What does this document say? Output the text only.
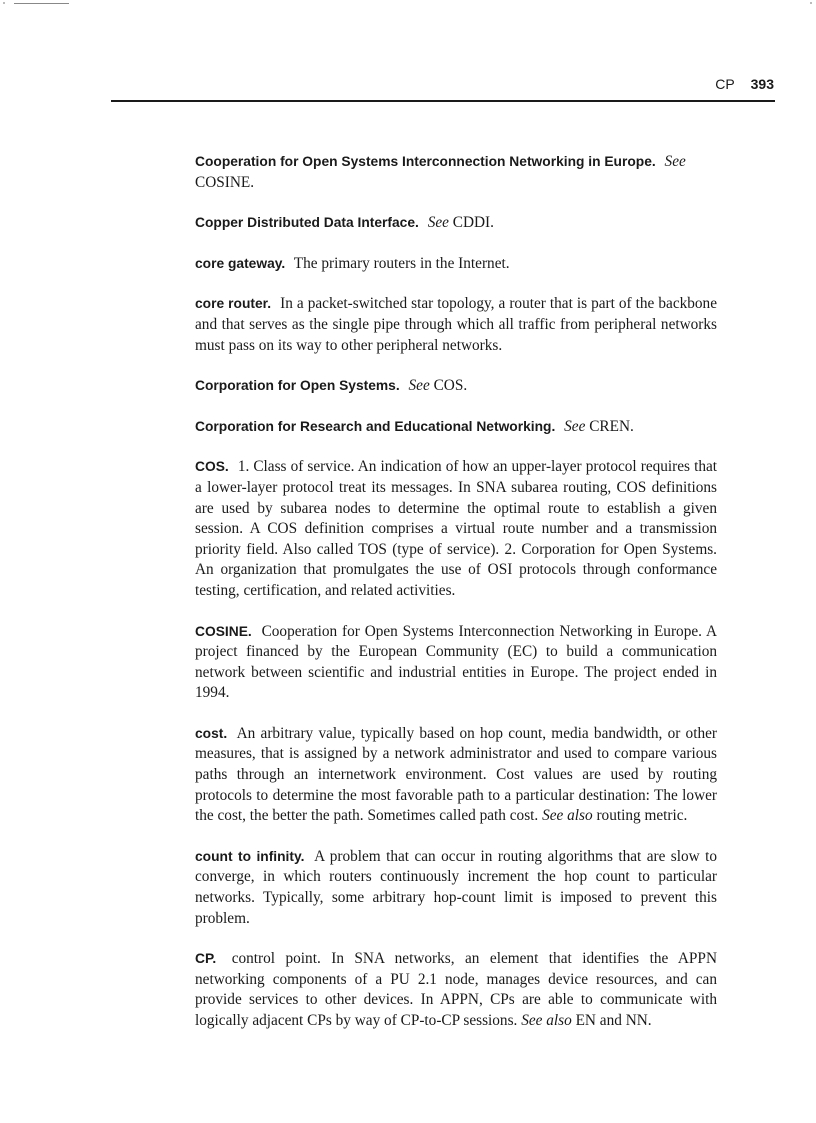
CP 393

Cooperation for Open Systems Interconnection Networking in Europe. See COSINE.

Copper Distributed Data Interface. See CDDI.

core gateway. The primary routers in the Internet.

core router. In a packet-switched star topology, a router that is part of the backbone and that serves as the single pipe through which all traffic from peripheral networks must pass on its way to other peripheral networks.

Corporation for Open Systems. See COS.

Corporation for Research and Educational Networking. See CREN.

COS. 1. Class of service. An indication of how an upper-layer protocol requires that a lower-layer protocol treat its messages. In SNA subarea routing, COS definitions are used by subarea nodes to determine the optimal route to establish a given session. A COS definition comprises a virtual route number and a transmission priority field. Also called TOS (type of service). 2. Corporation for Open Systems. An organization that promulgates the use of OSI protocols through conformance testing, certification, and related activities.

COSINE. Cooperation for Open Systems Interconnection Networking in Europe. A project financed by the European Community (EC) to build a communication network between scientific and industrial entities in Europe. The project ended in 1994.

cost. An arbitrary value, typically based on hop count, media bandwidth, or other measures, that is assigned by a network administrator and used to compare various paths through an internetwork environment. Cost values are used by routing protocols to determine the most favorable path to a particular destination: The lower the cost, the better the path. Sometimes called path cost. See also routing metric.

count to infinity. A problem that can occur in routing algorithms that are slow to converge, in which routers continuously increment the hop count to particular networks. Typically, some arbitrary hop-count limit is imposed to prevent this problem.

CP. control point. In SNA networks, an element that identifies the APPN networking components of a PU 2.1 node, manages device resources, and can provide services to other devices. In APPN, CPs are able to communicate with logically adjacent CPs by way of CP-to-CP sessions. See also EN and NN.
